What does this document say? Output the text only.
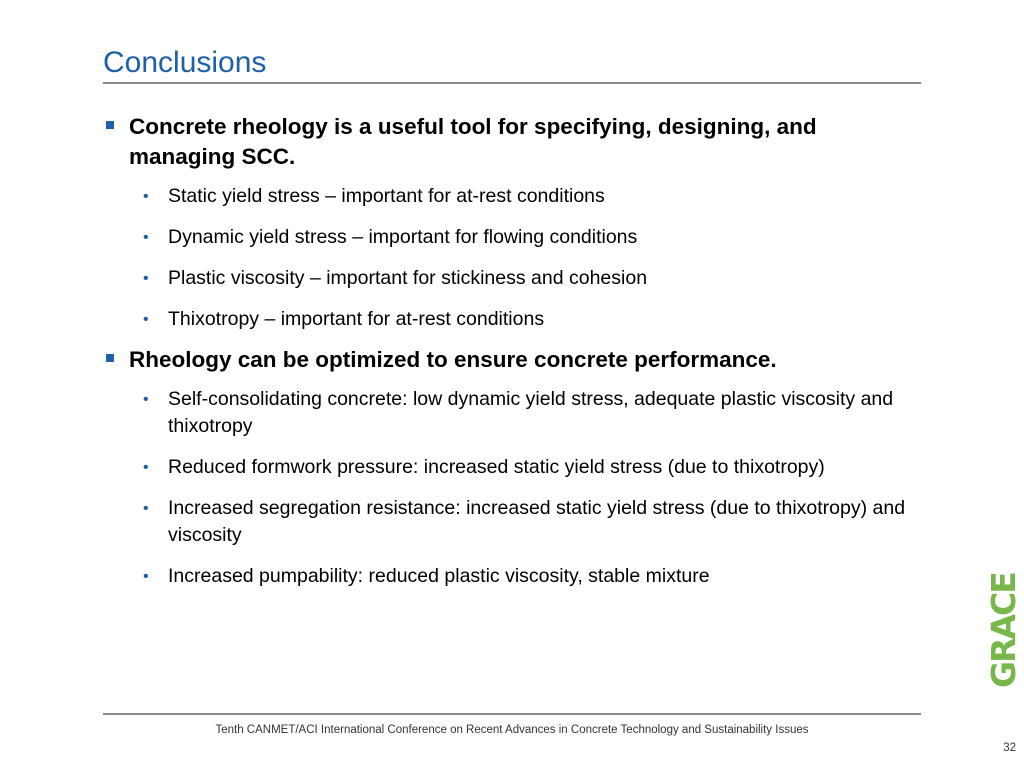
Conclusions
Concrete rheology is a useful tool for specifying, designing, and managing SCC.
• Static yield stress – important for at-rest conditions
• Dynamic yield stress – important for flowing conditions
• Plastic viscosity – important for stickiness and cohesion
• Thixotropy – important for at-rest conditions
Rheology can be optimized to ensure concrete performance.
• Self-consolidating concrete: low dynamic yield stress, adequate plastic viscosity and thixotropy
• Reduced formwork pressure: increased static yield stress (due to thixotropy)
• Increased segregation resistance: increased static yield stress (due to thixotropy) and viscosity
• Increased pumpability: reduced plastic viscosity, stable mixture	GRACE
Tenth CANMET/ACI International Conference on Recent Advances in Concrete Technology and Sustainability Issues
32
